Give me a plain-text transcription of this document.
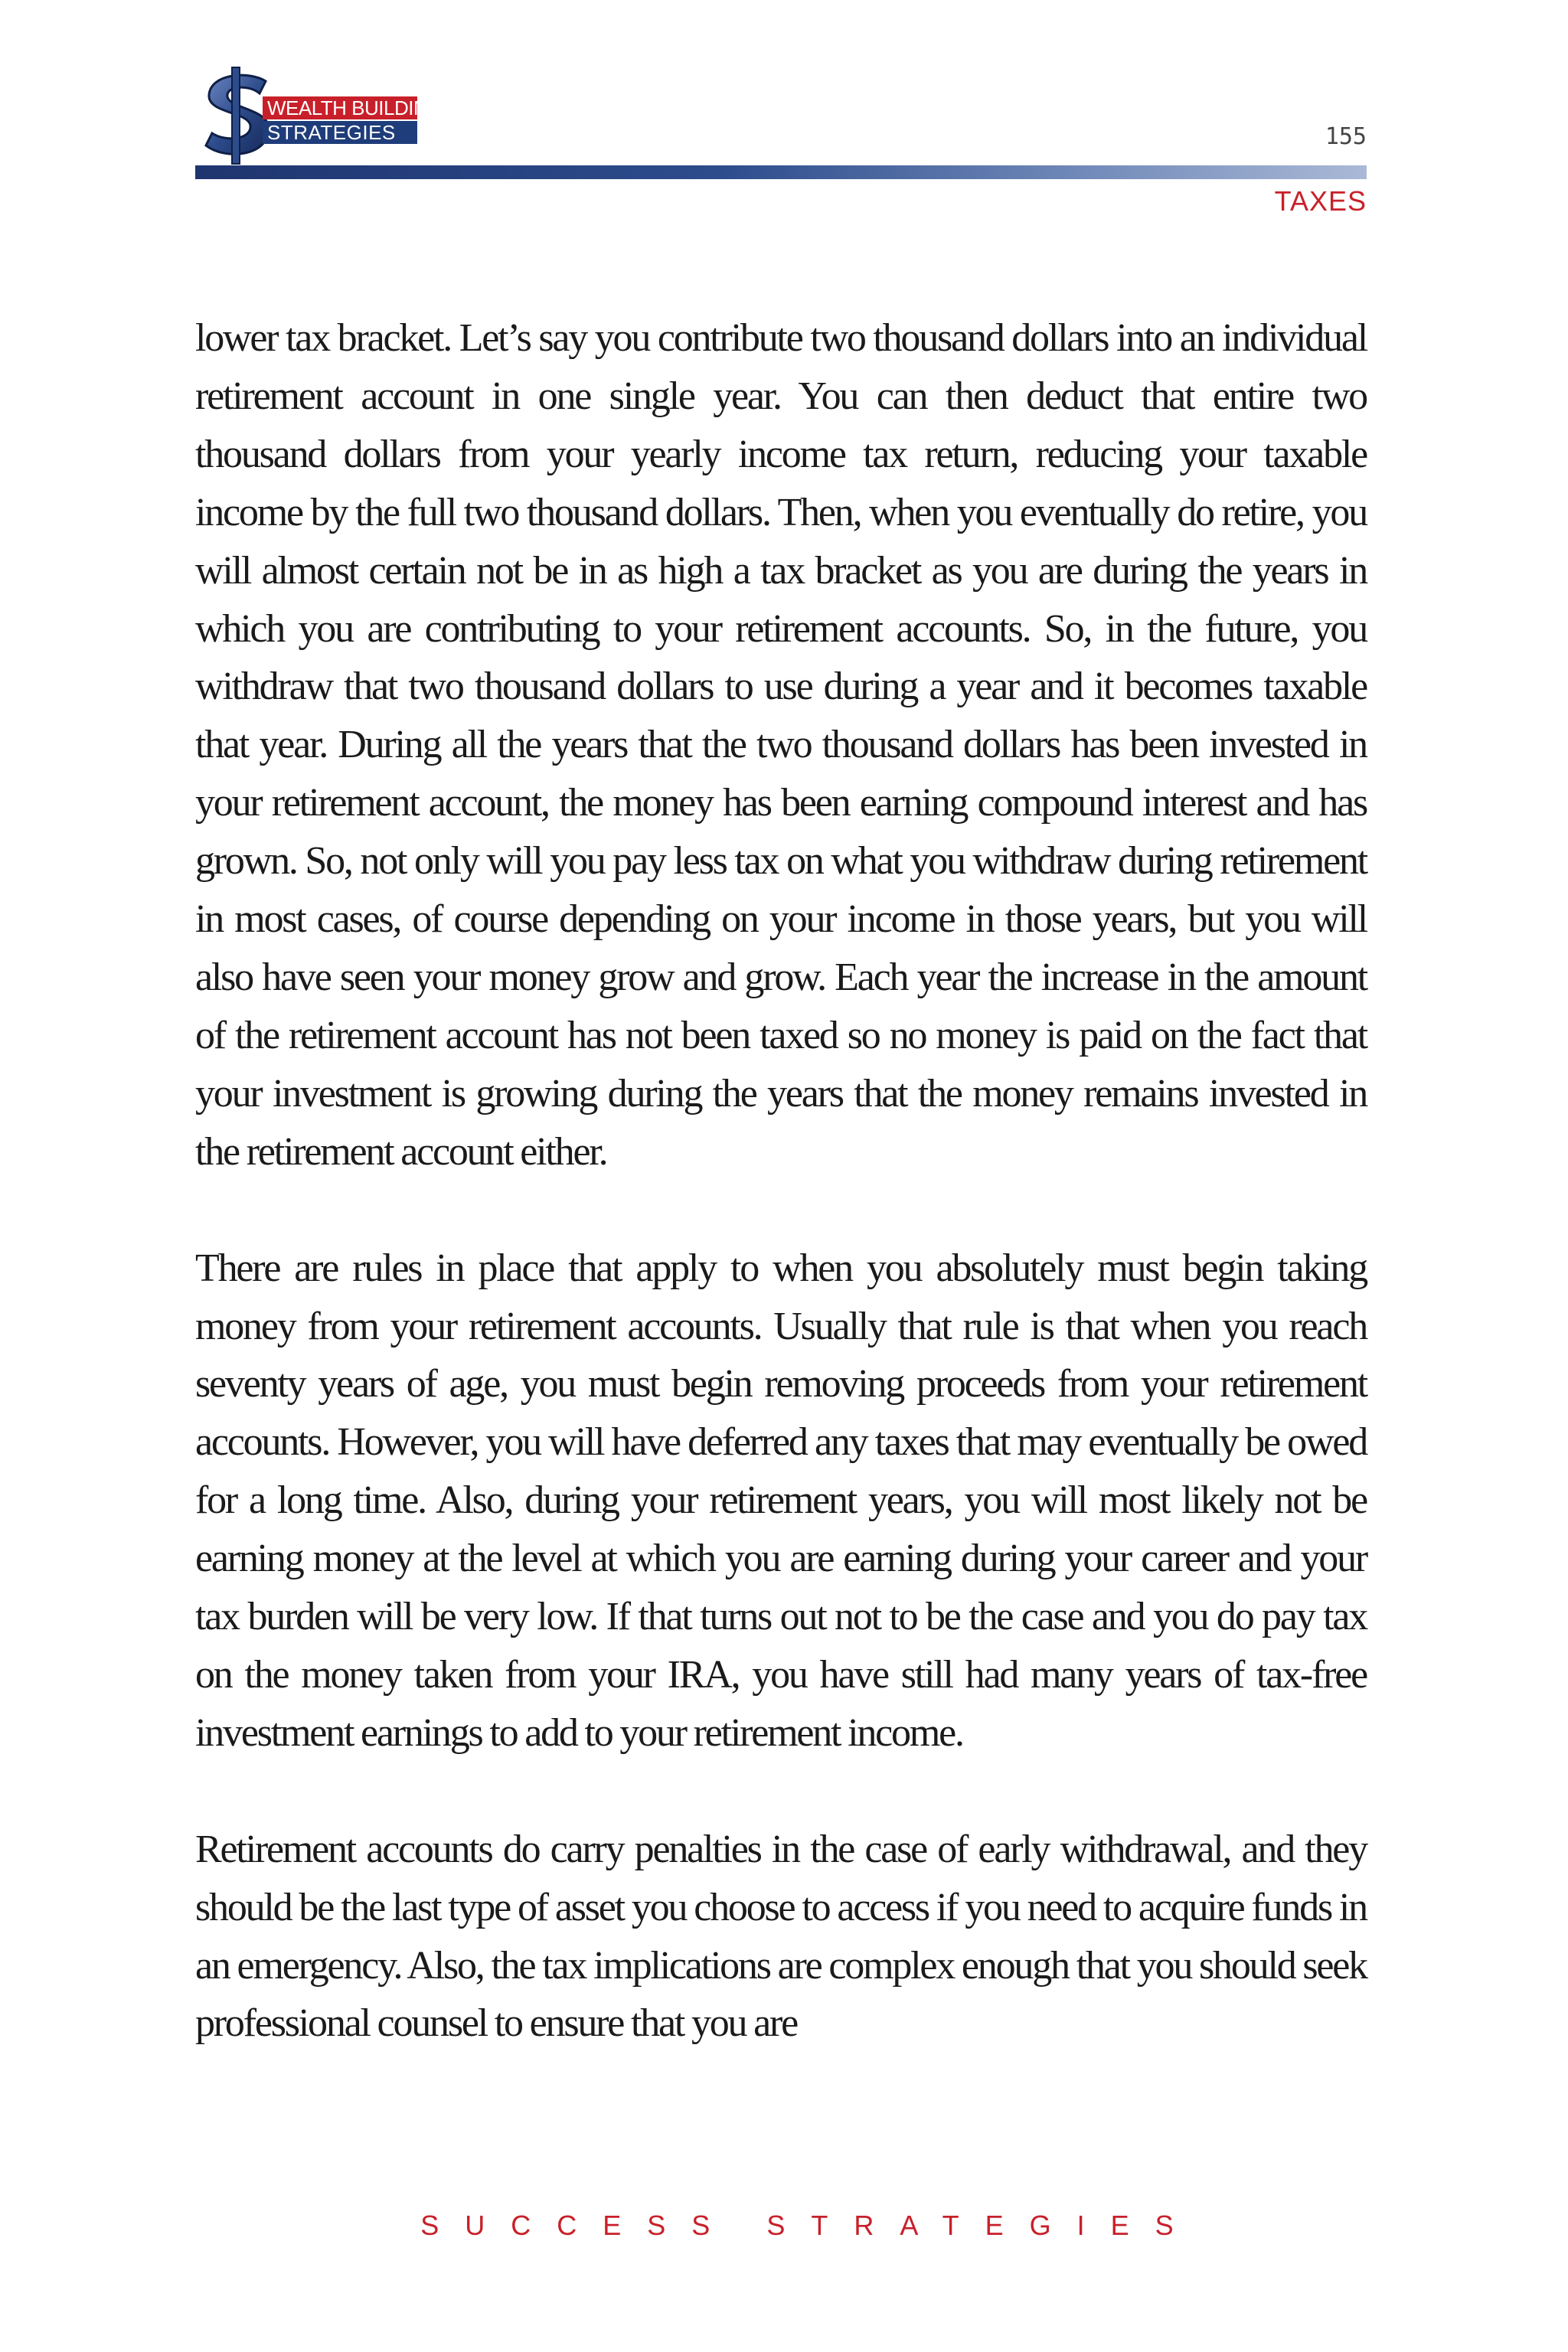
WEALTH BUILDING
STRATEGIES	155
TAXES

lower tax bracket. Let’s say you contribute two thousand dollars into an individual retirement account in one single year. You can then deduct that entire two thousand dollars from your yearly income tax return, reducing your taxable income by the full two thousand dollars. Then, when you eventually do retire, you will almost certain not be in as high a tax bracket as you are during the years in which you are contributing to your retirement accounts. So, in the future, you withdraw that two thousand dollars to use during a year and it becomes taxable that year. During all the years that the two thousand dollars has been invested in your retirement account, the money has been earning compound interest and has grown. So, not only will you pay less tax on what you withdraw during retirement in most cases, of course depending on your income in those years, but you will also have seen your money grow and grow. Each year the increase in the amount of the retirement account has not been taxed so no money is paid on the fact that your investment is growing during the years that the money remains invested in the retirement account either.

There are rules in place that apply to when you absolutely must begin taking money from your retirement accounts. Usually that rule is that when you reach seventy years of age, you must begin removing proceeds from your retirement accounts. However, you will have deferred any taxes that may eventually be owed for a long time. Also, during your retirement years, you will most likely not be earning money at the level at which you are earning during your career and your tax burden will be very low. If that turns out not to be the case and you do pay tax on the money taken from your IRA, you have still had many years of tax-free investment earnings to add to your retirement income.

Retirement accounts do carry penalties in the case of early withdrawal, and they should be the last type of asset you choose to access if you need to acquire funds in an emergency. Also, the tax implications are complex enough that you should seek professional counsel to ensure that you are

SUCCESS STRATEGIES
